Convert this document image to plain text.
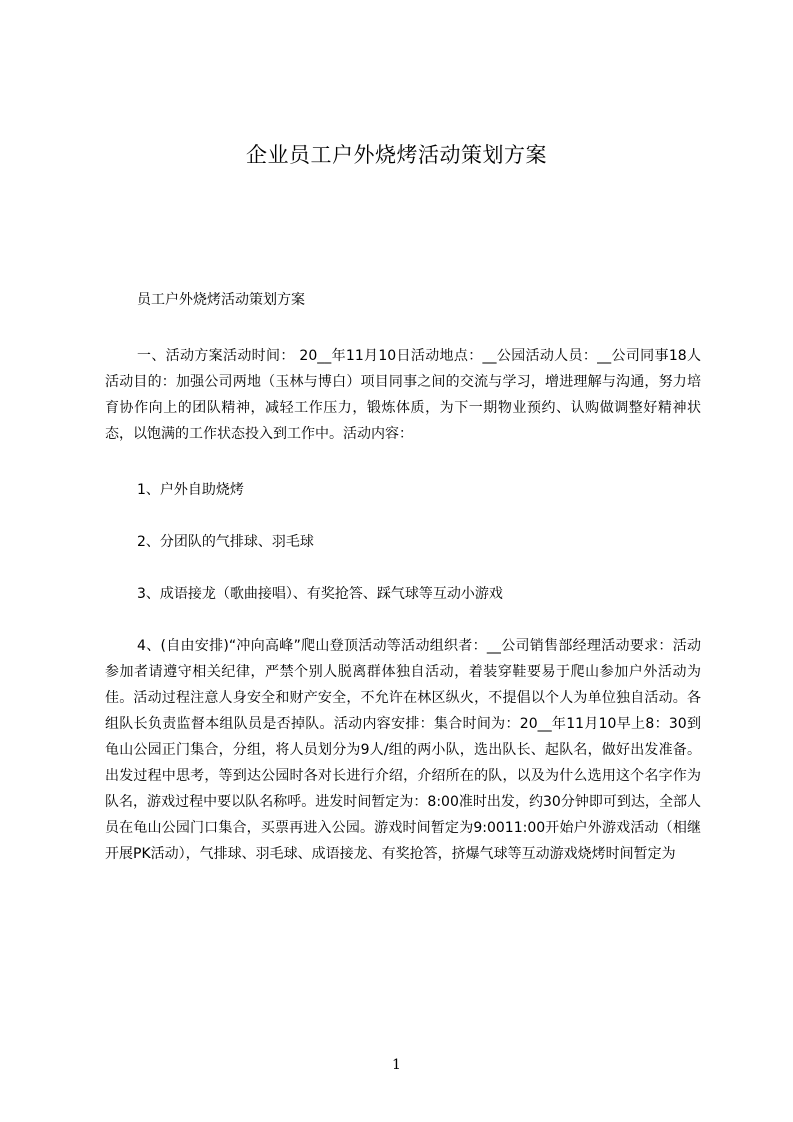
企业员工户外烧烤活动策划方案
员工户外烧烤活动策划方案

一、活动方案活动时间： 20__年11月10日活动地点：__公园活动人员：__公司同事18人活动目的：加强公司两地（玉林与博白）项目同事之间的交流与学习，增进理解与沟通，努力培育协作向上的团队精神，减轻工作压力，锻炼体质，为下一期物业预约、认购做调整好精神状态，以饱满的工作状态投入到工作中。活动内容：

1、户外自助烧烤
2、分团队的气排球、羽毛球
3、成语接龙（歌曲接唱）、有奖抢答、踩气球等互动小游戏

4、(自由安排)“冲向高峰”爬山登顶活动等活动组织者：__公司销售部经理活动要求：活动参加者请遵守相关纪律，严禁个别人脱离群体独自活动，着装穿鞋要易于爬山参加户外活动为佳。活动过程注意人身安全和财产安全，不允许在林区纵火，不提倡以个人为单位独自活动。各组队长负责监督本组队员是否掉队。活动内容安排：集合时间为：20__年11月10早上8：30到龟山公园正门集合，分组，将人员划分为9人/组的两小队，选出队长、起队名，做好出发准备。出发过程中思考，等到达公园时各对长进行介绍，介绍所在的队，以及为什么选用这个名字作为队名，游戏过程中要以队名称呼。进发时间暂定为：8:00准时出发，约30分钟即可到达，全部人员在龟山公园门口集合，买票再进入公园。游戏时间暂定为9:0011:00开始户外游戏活动（相继开展PK活动），气排球、羽毛球、成语接龙、有奖抢答，挤爆气球等互动游戏烧烤时间暂定为

1
